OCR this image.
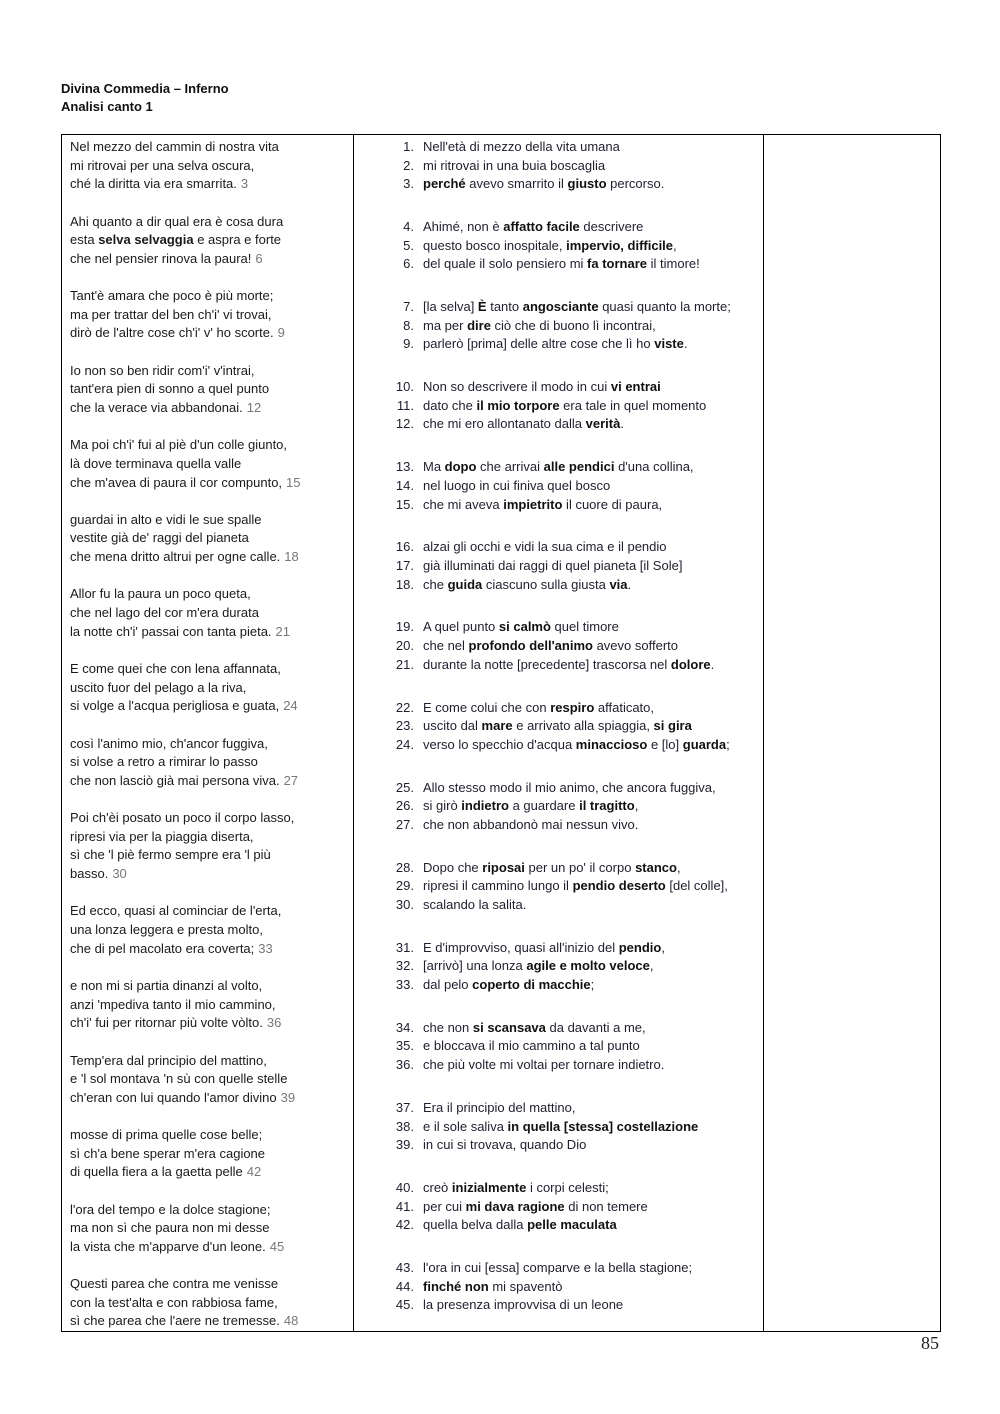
Divina Commedia – Inferno
Analisi canto 1
Nel mezzo del cammin di nostra vita
mi ritrovai per una selva oscura,
ché la diritta via era smarrita. 3
Ahi quanto a dir qual era è cosa dura
esta selva selvaggia e aspra e forte
che nel pensier rinova la paura! 6
Tant'è amara che poco è più morte;
ma per trattar del ben ch'i' vi trovai,
dirò de l'altre cose ch'i' v' ho scorte. 9
Io non so ben ridir com'i' v'intrai,
tant'era pien di sonno a quel punto
che la verace via abbandonai. 12
Ma poi ch'i' fui al piè d'un colle giunto,
là dove terminava quella valle
che m'avea di paura il cor compunto, 15
guardai in alto e vidi le sue spalle
vestite già de' raggi del pianeta
che mena dritto altrui per ogne calle. 18
Allor fu la paura un poco queta,
che nel lago del cor m'era durata
la notte ch'i' passai con tanta pieta. 21
E come quei che con lena affannata,
uscito fuor del pelago a la riva,
si volge a l'acqua perigliosa e guata, 24
così l'animo mio, ch'ancor fuggiva,
si volse a retro a rimirar lo passo
che non lasciò già mai persona viva. 27
Poi ch'èi posato un poco il corpo lasso,
ripresi via per la piaggia diserta,
sì che 'l piè fermo sempre era 'l più
basso. 30
Ed ecco, quasi al cominciar de l'erta,
una lonza leggera e presta molto,
che di pel macolato era coverta; 33
e non mi si partia dinanzi al volto,
anzi 'mpediva tanto il mio cammino,
ch'i' fui per ritornar più volte vòlto. 36
Temp'era dal principio del mattino,
e 'l sol montava 'n sù con quelle stelle
ch'eran con lui quando l'amor divino 39
mosse di prima quelle cose belle;
sì ch'a bene sperar m'era cagione
di quella fiera a la gaetta pelle 42
l'ora del tempo e la dolce stagione;
ma non sì che paura non mi desse
la vista che m'apparve d'un leone. 45
Questi parea che contra me venisse
con la test'alta e con rabbiosa fame,
sì che parea che l'aere ne tremesse. 48

1. Nell'età di mezzo della vita umana
2. mi ritrovai in una buia boscaglia
3. perché avevo smarrito il giusto percorso.
4. Ahimé, non è affatto facile descrivere
5. questo bosco inospitale, impervio, difficile,
6. del quale il solo pensiero mi fa tornare il timore!
7. [la selva] È tanto angosciante quasi quanto la morte;
8. ma per dire ciò che di buono lì incontrai,
9. parlerò [prima] delle altre cose che lì ho viste.
10. Non so descrivere il modo in cui vi entrai
11. dato che il mio torpore era tale in quel momento
12. che mi ero allontanato dalla verità.
13. Ma dopo che arrivai alle pendici d'una collina,
14. nel luogo in cui finiva quel bosco
15. che mi aveva impietrito il cuore di paura,
16. alzai gli occhi e vidi la sua cima e il pendio
17. già illuminati dai raggi di quel pianeta [il Sole]
18. che guida ciascuno sulla giusta via.
19. A quel punto si calmò quel timore
20. che nel profondo dell'animo avevo sofferto
21. durante la notte [precedente] trascorsa nel dolore.
22. E come colui che con respiro affaticato,
23. uscito dal mare e arrivato alla spiaggia, si gira
24. verso lo specchio d'acqua minaccioso e [lo] guarda;
25. Allo stesso modo il mio animo, che ancora fuggiva,
26. si girò indietro a guardare il tragitto,
27. che non abbandonò mai nessun vivo.
28. Dopo che riposai per un po' il corpo stanco,
29. ripresi il cammino lungo il pendio deserto [del colle],
30. scalando la salita.
31. E d'improvviso, quasi all'inizio del pendio,
32. [arrivò] una lonza agile e molto veloce,
33. dal pelo coperto di macchie;
34. che non si scansava da davanti a me,
35. e bloccava il mio cammino a tal punto
36. che più volte mi voltai per tornare indietro.
37. Era il principio del mattino,
38. e il sole saliva in quella [stessa] costellazione
39. in cui si trovava, quando Dio
40. creò inizialmente i corpi celesti;
41. per cui mi dava ragione di non temere
42. quella belva dalla pelle maculata
43. l'ora in cui [essa] comparve e la bella stagione;
44. finché non mi spaventò
45. la presenza improvvisa di un leone

85
